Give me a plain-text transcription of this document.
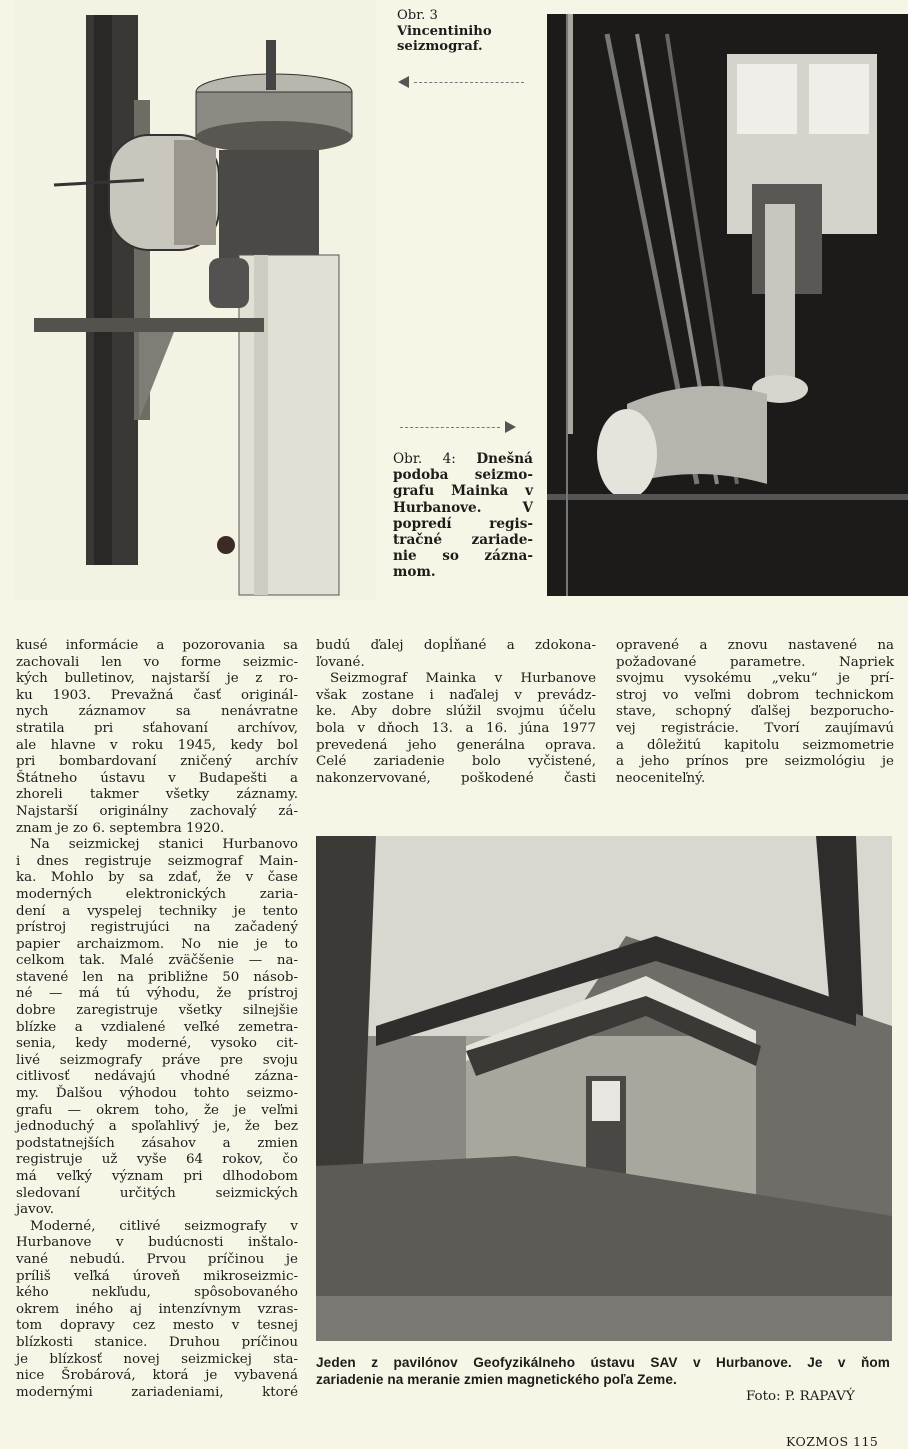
Obr. 3
Vincentiniho
seizmograf.
Obr. 4: Dnešná
podoba seizmo-
grafu Mainka v
Hurbanove. V
popredí regis-
tračné zariade-
nie so zázna-
mom.
kusé informácie a pozorovania sa
zachovali len vo forme seizmic-
kých bulletinov, najstarší je z ro-
ku 1903. Prevažná časť originál-
nych záznamov sa nenávratne
stratila pri sťahovaní archívov,
ale hlavne v roku 1945, kedy bol
pri bombardovaní zničený archív
Štátneho ústavu v Budapešti a
zhoreli takmer všetky záznamy.
Najstarší originálny zachovalý zá-
znam je zo 6. septembra 1920.
Na seizmickej stanici Hurbanovo
i dnes registruje seizmograf Main-
ka. Mohlo by sa zdať, že v čase
moderných elektronických zaria-
dení a vyspelej techniky je tento
prístroj registrujúci na začadený
papier archaizmom. No nie je to
celkom tak. Malé zväčšenie — na-
stavené len na približne 50 násob-
né — má tú výhodu, že prístroj
dobre zaregistruje všetky silnejšie
blízke a vzdialené veľké zemetra-
senia, kedy moderné, vysoko cit-
livé seizmografy práve pre svoju
citlivosť nedávajú vhodné zázna-
my. Ďalšou výhodou tohto seizmo-
grafu — okrem toho, že je veľmi
jednoduchý a spoľahlivý je, že bez
podstatnejších zásahov a zmien
registruje už vyše 64 rokov, čo
má veľký význam pri dlhodobom
sledovaní určitých seizmických
javov.
Moderné, citlivé seizmografy v
Hurbanove v budúcnosti inštalo-
vané nebudú. Prvou príčinou je
príliš veľká úroveň mikroseizmic-
kého nekľudu, spôsobovaného
okrem iného aj intenzívnym vzras-
tom dopravy cez mesto v tesnej
blízkosti stanice. Druhou príčinou
je blízkosť novej seizmickej sta-
nice Šrobárová, ktorá je vybavená
modernými zariadeniami, ktoré
budú ďalej dopĺňané a zdokona-
ľované.
Seizmograf Mainka v Hurbanove
však zostane i naďalej v prevádz-
ke. Aby dobre slúžil svojmu účelu
bola v dňoch 13. a 16. júna 1977
prevedená jeho generálna oprava.
Celé zariadenie bolo vyčistené,
nakonzervované, poškodené časti
opravené a znovu nastavené na
požadované parametre. Napriek
svojmu vysokému „veku“ je prí-
stroj vo veľmi dobrom technickom
stave, schopný ďalšej bezporucho-
vej registrácie. Tvorí zaujímavú
a dôležitú kapitolu seizmometrie
a jeho prínos pre seizmológiu je
neoceniteľný.
Jeden z pavilónov Geofyzikálneho ústavu SAV v Hurbanove. Je v ňom
zariadenie na meranie zmien magnetického poľa Zeme.
Foto: P. RAPAVÝ
KOZMOS 115
